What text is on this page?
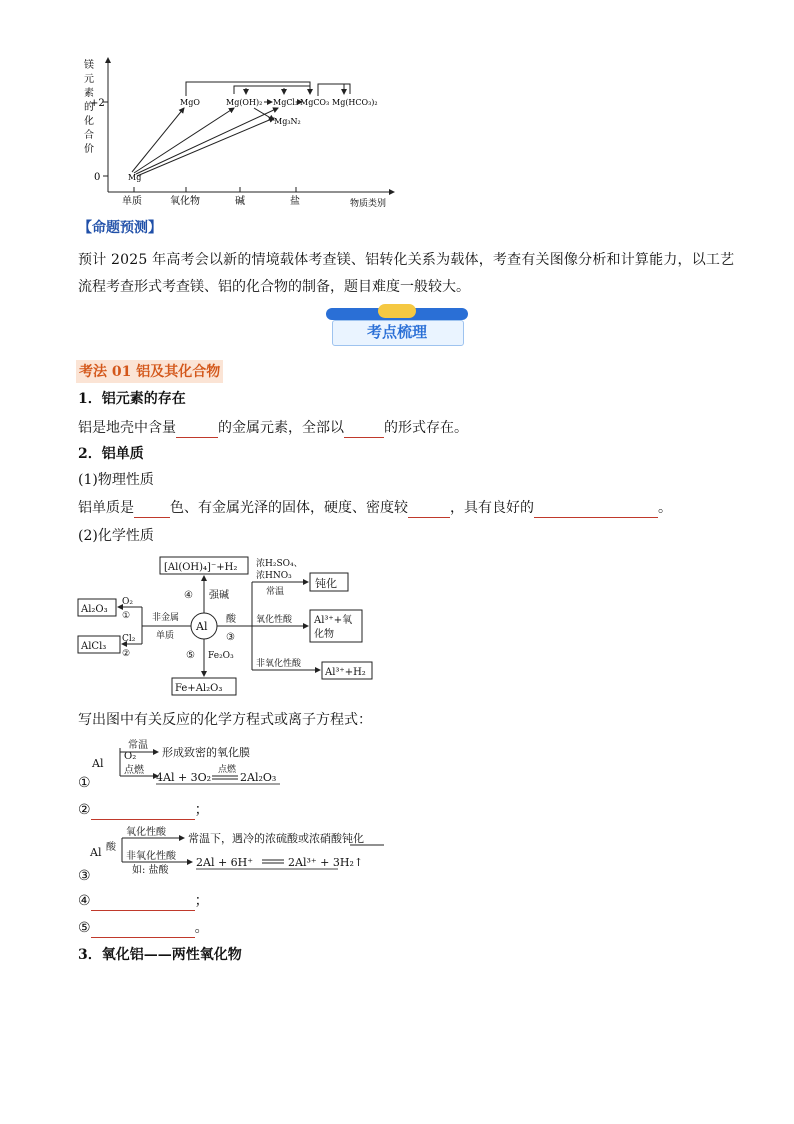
镁
元
素
的
化
合
价
+2
0
单质	氧化物	碱	盐	物质类别
Mg
MgO	Mg(OH)₂ MgCl₂ MgCO₃ Mg(HCO₃)₂
Mg₃N₂
【命题预测】
预计 2025 年高考会以新的情境载体考查镁、铝转化关系为载体，考查有关图像分析和计算能力，以工艺
流程考查形式考查镁、铝的化合物的制备，题目难度一般较大。
考点梳理
考法 01 铝及其化合物
1．铝元素的存在
铝是地壳中含量	的金属元素，全部以	的形式存在。
2．铝单质
(1)物理性质
铝单质是	色、有金属光泽的固体，硬度、密度较	，具有良好的	。
(2)化学性质
Al
[Al(OH)₄]⁻+H₂
④ 强碱
Al₂O₃
AlCl₃
O₂
①
Cl₂
②
非金属
单质
酸
③
浓H₂SO₄、
浓HNO₃
常温
钝化
氧化性酸 Al³⁺+氧
化物
非氧化性酸
Al³⁺+H₂
⑤ Fe₂O₃
Fe+Al₂O₃
写出图中有关反应的化学方程式或离子方程式：
Al
O₂
常温
点燃
形成致密的氧化膜
4Al + 3O₂
点燃
2Al₂O₃
①
②	；
Al 酸
氧化性酸
非氧化性酸
如: 盐酸
常温下，遇冷的浓硫酸或浓硝酸钝化
2Al + 6H⁺	2Al³⁺ + 3H₂↑
③
④	；
⑤	。
3．氧化铝——两性氧化物
